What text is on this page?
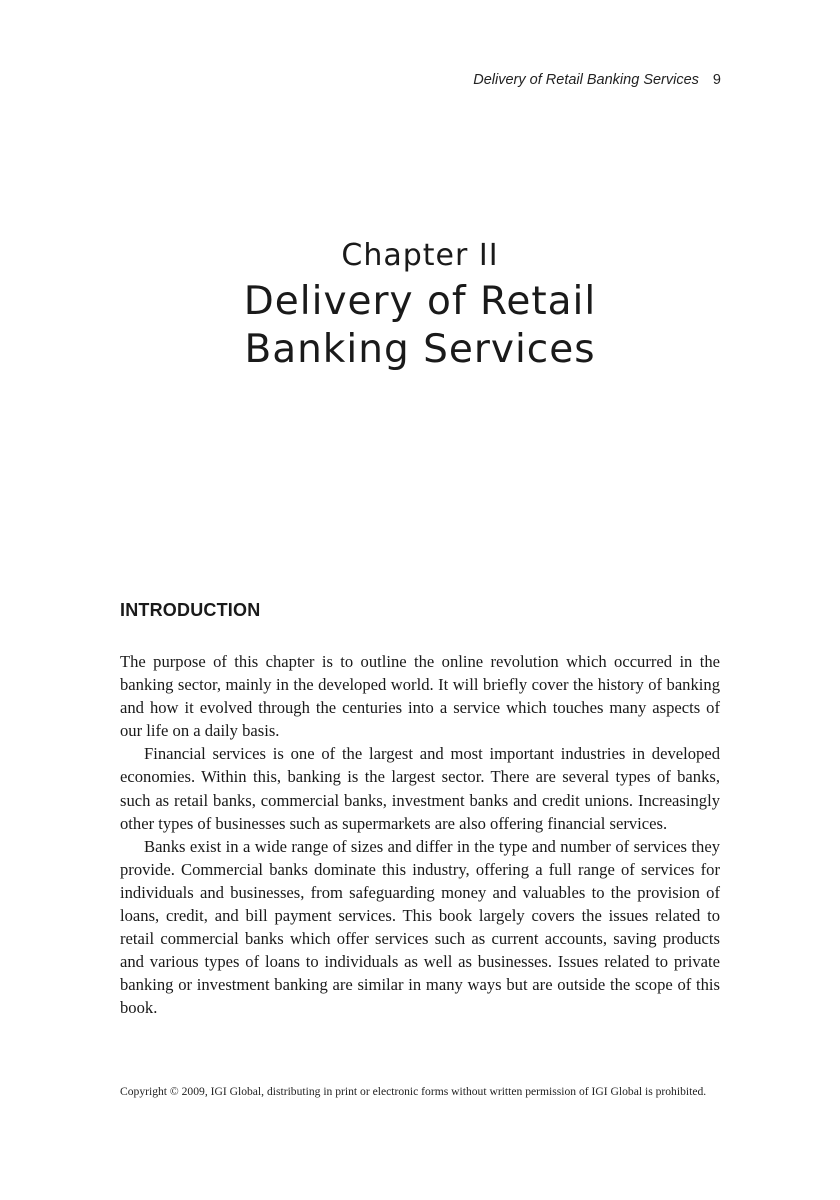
Delivery of Retail Banking Services 9
Chapter II
Delivery of Retail
Banking Services
INTRODUCTION

The purpose of this chapter is to outline the online revolution which occurred in the banking sector, mainly in the developed world. It will briefly cover the history of banking and how it evolved through the centuries into a service which touches many aspects of our life on a daily basis.

Financial services is one of the largest and most important industries in developed economies. Within this, banking is the largest sector. There are several types of banks, such as retail banks, commercial banks, investment banks and credit unions. Increasingly other types of businesses such as supermarkets are also offering financial services.

Banks exist in a wide range of sizes and differ in the type and number of services they provide. Commercial banks dominate this industry, offering a full range of services for individuals and businesses, from safeguarding money and valuables to the provision of loans, credit, and bill payment services. This book largely covers the issues related to retail commercial banks which offer services such as current accounts, saving products and various types of loans to individuals as well as businesses. Issues related to private banking or investment banking are similar in many ways but are outside the scope of this book.

Copyright © 2009, IGI Global, distributing in print or electronic forms without written permission of IGI Global is prohibited.
